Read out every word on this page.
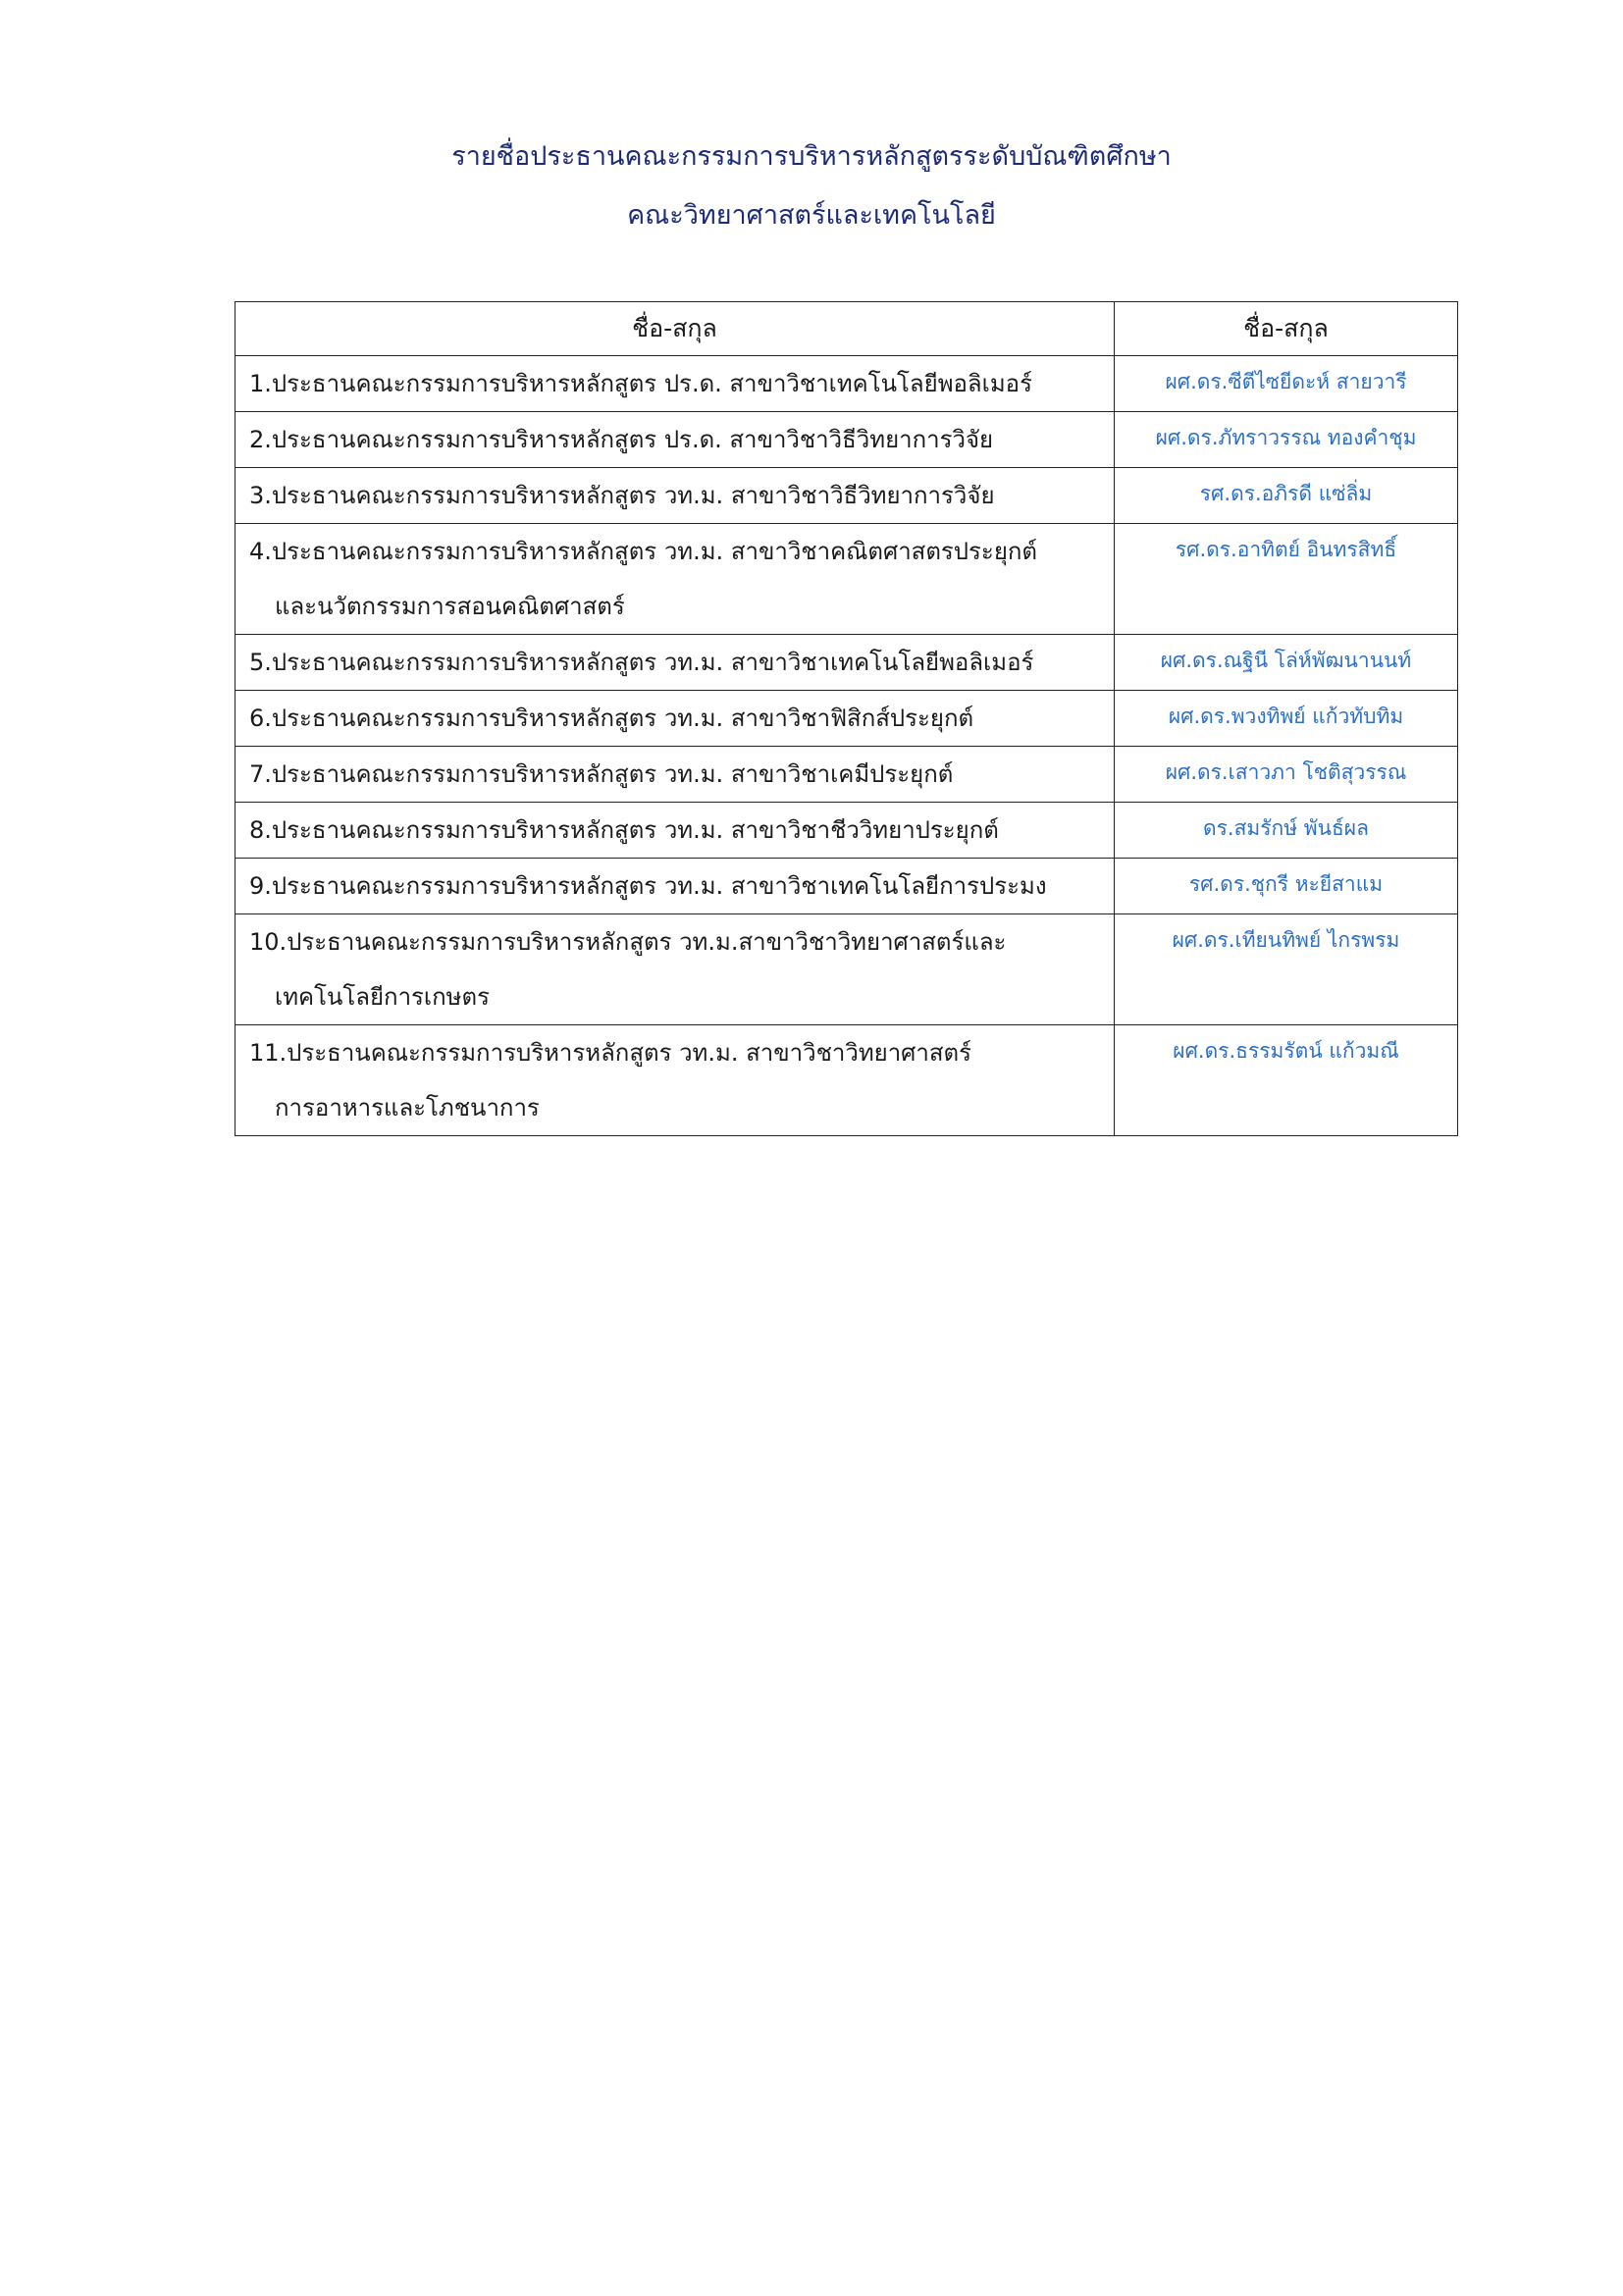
รายชื่อประธานคณะกรรมการบริหารหลักสูตรระดับบัณฑิตศึกษา
คณะวิทยาศาสตร์และเทคโนโลยี
ชื่อ-สกุล	ชื่อ-สกุล
1.ประธานคณะกรรมการบริหารหลักสูตร ปร.ด. สาขาวิชาเทคโนโลยีพอลิเมอร์	ผศ.ดร.ซีตีไซยีดะห์ สายวารี
2.ประธานคณะกรรมการบริหารหลักสูตร ปร.ด. สาขาวิชาวิธีวิทยาการวิจัย	ผศ.ดร.ภัทราวรรณ ทองคำชุม
3.ประธานคณะกรรมการบริหารหลักสูตร วท.ม. สาขาวิชาวิธีวิทยาการวิจัย	รศ.ดร.อภิรดี แซ่ลิ่ม
4.ประธานคณะกรรมการบริหารหลักสูตร วท.ม. สาขาวิชาคณิตศาสตรประยุกต์
และนวัตกรรมการสอนคณิตศาสตร์	รศ.ดร.อาทิตย์ อินทรสิทธิ์
5.ประธานคณะกรรมการบริหารหลักสูตร วท.ม. สาขาวิชาเทคโนโลยีพอลิเมอร์	ผศ.ดร.ณฐินี โล่ห์พัฒนานนท์
6.ประธานคณะกรรมการบริหารหลักสูตร วท.ม. สาขาวิชาฟิสิกส์ประยุกต์	ผศ.ดร.พวงทิพย์ แก้วทับทิม
7.ประธานคณะกรรมการบริหารหลักสูตร วท.ม. สาขาวิชาเคมีประยุกต์	ผศ.ดร.เสาวภา โชติสุวรรณ
8.ประธานคณะกรรมการบริหารหลักสูตร วท.ม. สาขาวิชาชีววิทยาประยุกต์	ดร.สมรักษ์ พันธ์ผล
9.ประธานคณะกรรมการบริหารหลักสูตร วท.ม. สาขาวิชาเทคโนโลยีการประมง	รศ.ดร.ชุกรี หะยีสาแม
10.ประธานคณะกรรมการบริหารหลักสูตร วท.ม.สาขาวิชาวิทยาศาสตร์และ
เทคโนโลยีการเกษตร	ผศ.ดร.เทียนทิพย์ ไกรพรม
11.ประธานคณะกรรมการบริหารหลักสูตร วท.ม. สาขาวิชาวิทยาศาสตร์
การอาหารและโภชนาการ	ผศ.ดร.ธรรมรัตน์ แก้วมณี
